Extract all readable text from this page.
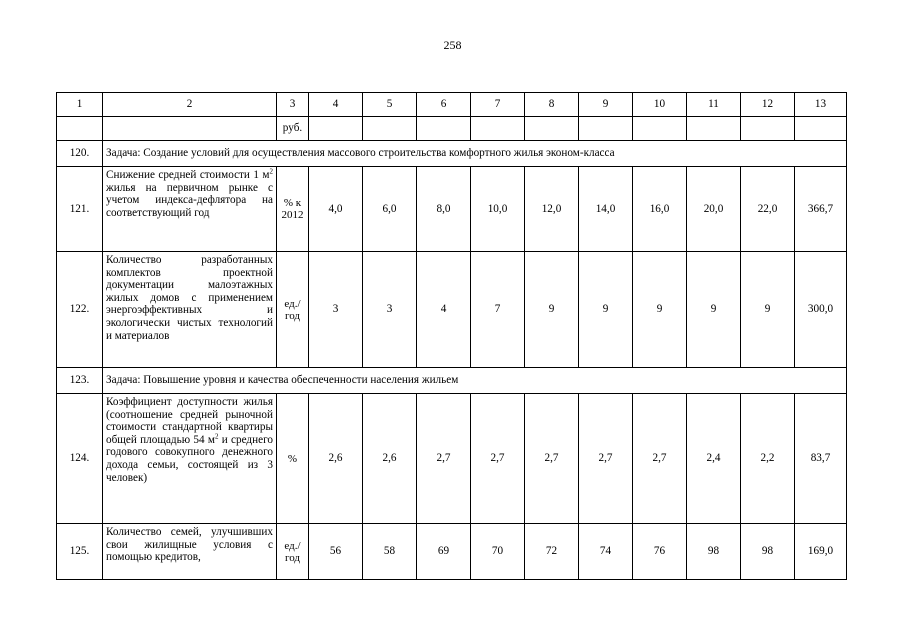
258
1	2	3	4	5	6	7	8	9	10	11	12	13
		руб.										
120.	Задача: Создание условий для осуществления массового строительства комфортного жилья эконом-класса											
121.	Снижение средней стоимости 1 $м^2$ жилья на первичном рынке с учетом индекса-дефлятора на соответствующий год	% к 2012	4,0	6,0	8,0	10,0	12,0	14,0	16,0	20,0	22,0	366,7
122.	Количество разработанных комплектов проектной документации малоэтажных жилых домов с применением энергоэффективных и экологически чистых технологий и материалов	ед./год	3	3	4	7	9	9	9	9	9	300,0
123.	Задача: Повышение уровня и качества обеспеченности населения жильем											
124.	Коэффициент доступности жилья (соотношение средней рыночной стоимости стандартной квартиры общей площадью 54 $м^2$ и среднего годового совокупного денежного дохода семьи, состоящей из 3 человек)	%	2,6	2,6	2,7	2,7	2,7	2,7	2,7	2,4	2,2	83,7
125.	Количество семей, улучшивших свои жилищные условия с помощью кредитов,	ед./год	56	58	69	70	72	74	76	98	98	169,0
